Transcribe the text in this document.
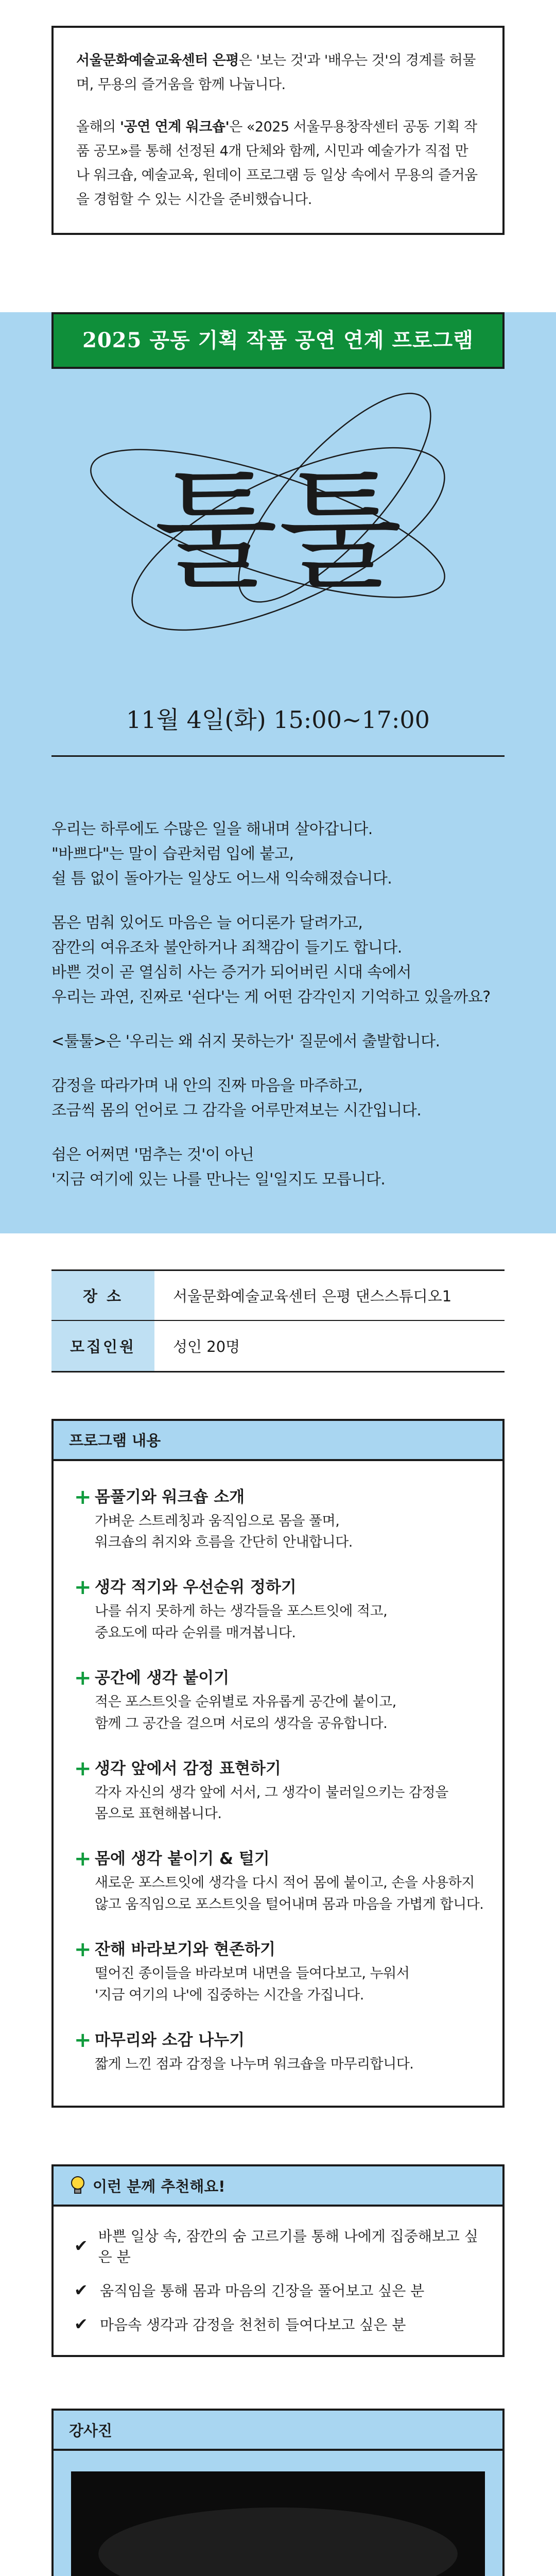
서울문화예술교육센터 은평은 '보는 것'과 '배우는 것'의 경계를 허물며, 무용의 즐거움을 함께 나눕니다.

올해의 '공연 연계 워크숍'은 «2025 서울무용창작센터 공동 기획 작품 공모»를 통해 선정된 4개 단체와 함께, 시민과 예술가가 직접 만나 워크숍, 예술교육, 원데이 프로그램 등 일상 속에서 무용의 즐거움을 경험할 수 있는 시간을 준비했습니다.

2025 공동 기획 작품 공연 연계 프로그램
툴툴
11월 4일(화) 15:00~17:00

우리는 하루에도 수많은 일을 해내며 살아갑니다.
"바쁘다"는 말이 습관처럼 입에 붙고,
쉴 틈 없이 돌아가는 일상도 어느새 익숙해졌습니다.

몸은 멈춰 있어도 마음은 늘 어디론가 달려가고,
잠깐의 여유조차 불안하거나 죄책감이 들기도 합니다.
바쁜 것이 곧 열심히 사는 증거가 되어버린 시대 속에서
우리는 과연, 진짜로 '쉰다'는 게 어떤 감각인지 기억하고 있을까요?

<툴툴>은 '우리는 왜 쉬지 못하는가' 질문에서 출발합니다.

감정을 따라가며 내 안의 진짜 마음을 마주하고,
조금씩 몸의 언어로 그 감각을 어루만져보는 시간입니다.

쉼은 어쩌면 '멈추는 것'이 아닌
'지금 여기에 있는 나를 만나는 일'일지도 모릅니다.

장 소	서울문화예술교육센터 은평 댄스스튜디오1
모집인원	성인 20명
프로그램 내용
+ 몸풀기와 워크숍 소개
가벼운 스트레칭과 움직임으로 몸을 풀며,
워크숍의 취지와 흐름을 간단히 안내합니다.
+ 생각 적기와 우선순위 정하기
나를 쉬지 못하게 하는 생각들을 포스트잇에 적고,
중요도에 따라 순위를 매겨봅니다.
+ 공간에 생각 붙이기
적은 포스트잇을 순위별로 자유롭게 공간에 붙이고,
함께 그 공간을 걸으며 서로의 생각을 공유합니다.
+ 생각 앞에서 감정 표현하기
각자 자신의 생각 앞에 서서, 그 생각이 불러일으키는 감정을
몸으로 표현해봅니다.
+ 몸에 생각 붙이기 & 털기
새로운 포스트잇에 생각을 다시 적어 몸에 붙이고, 손을 사용하지
않고 움직임으로 포스트잇을 털어내며 몸과 마음을 가볍게 합니다.
+ 잔해 바라보기와 현존하기
떨어진 종이들을 바라보며 내면을 들여다보고, 누워서
'지금 여기의 나'에 집중하는 시간을 가집니다.
+ 마무리와 소감 나누기
짧게 느낀 점과 감정을 나누며 워크숍을 마무리합니다.
이런 분께 추천해요!
✔ 바쁜 일상 속, 잠깐의 숨 고르기를 통해 나에게 집중해보고 싶은 분
✔ 움직임을 통해 몸과 마음의 긴장을 풀어보고 싶은 분
✔ 마음속 생각과 감정을 천천히 들여다보고 싶은 분
강사진
